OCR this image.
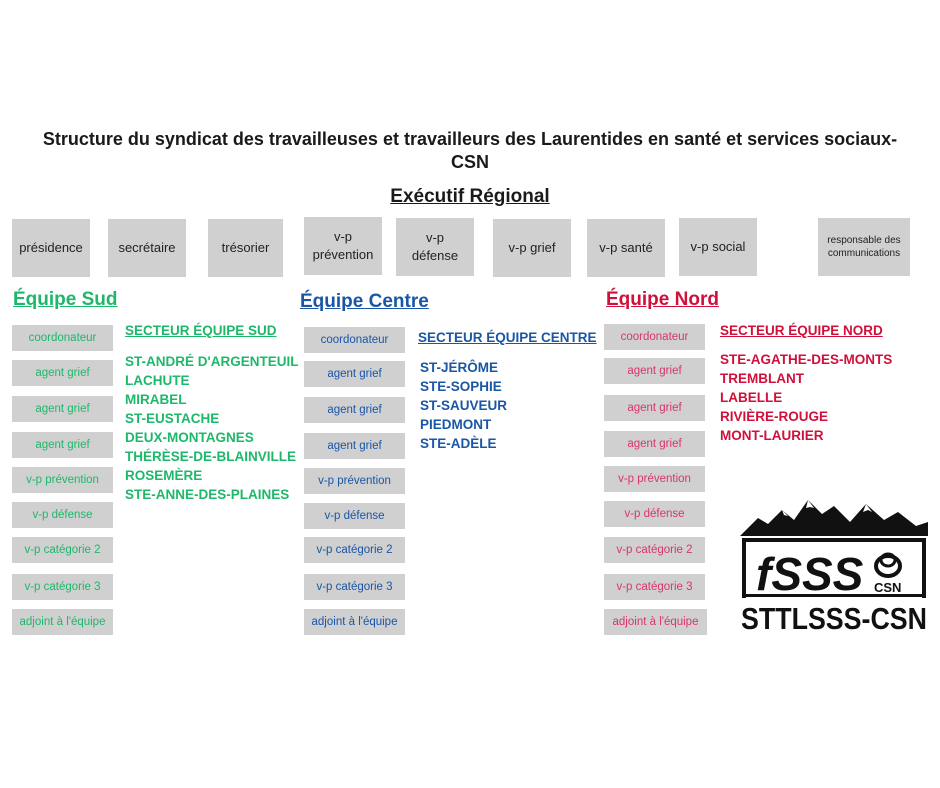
Structure du syndicat des travailleuses et travailleurs des Laurentides en santé et services sociaux-CSN
Exécutif Régional
présidence	secrétaire	trésorier
v-p prévention
v-p défense
v-p grief	v-p santé	v-p social	responsable des communications
Équipe Sud	Équipe Centre	Équipe Nord
coordonateur
agent grief
agent grief
agent grief
v-p prévention
v-p défense
v-p catégorie 2
v-p catégorie 3
adjoint à l'équipe
coordonateur
agent grief
agent grief
agent grief
v-p prévention
v-p défense
v-p catégorie 2
v-p catégorie 3
adjoint à l'équipe
coordonateur
agent grief
agent grief
agent grief
v-p prévention
v-p défense
v-p catégorie 2
v-p catégorie 3
adjoint à l'équipe
SECTEUR ÉQUIPE SUD	SECTEUR ÉQUIPE CENTRE	SECTEUR ÉQUIPE NORD
ST-ANDRÉ D'ARGENTEUIL
LACHUTE
MIRABEL
ST-EUSTACHE
DEUX-MONTAGNES
THÉRÈSE-DE-BLAINVILLE
ROSEMÈRE
STE-ANNE-DES-PLAINES
ST-JÉRÔME
STE-SOPHIE
ST-SAUVEUR
PIEDMONT
STE-ADÈLE
STE-AGATHE-DES-MONTS
TREMBLANT
LABELLE
RIVIÈRE-ROUGE
MONT-LAURIER
fSSS CSN
STTLSSS-CSN
